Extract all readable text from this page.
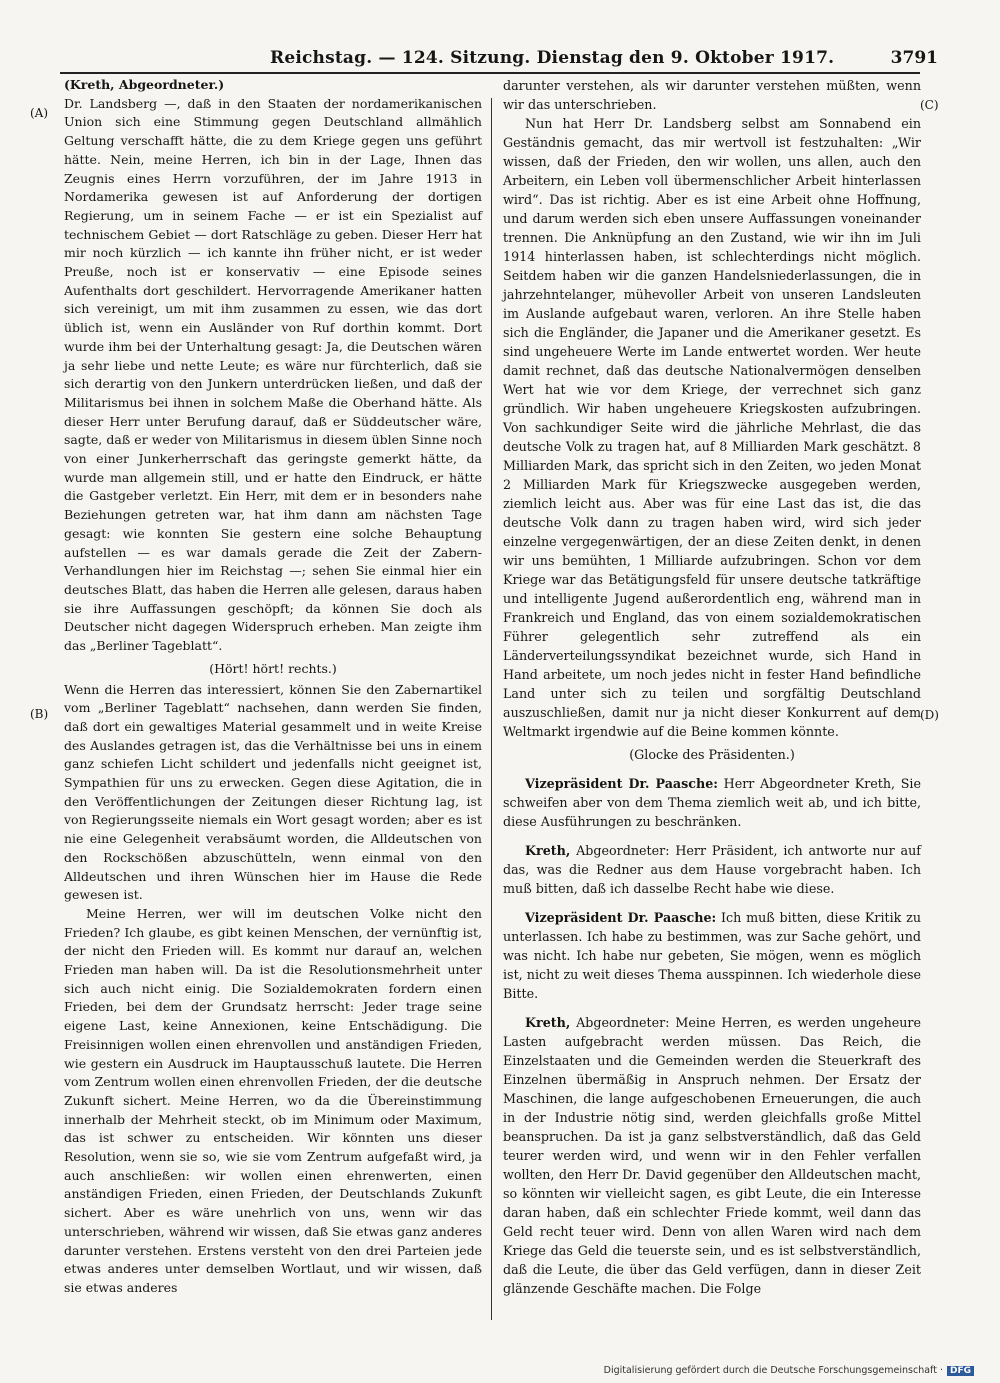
Reichstag. — 124. Sitzung. Dienstag den 9. Oktober 1917.	3791
(A)
(B)
(C)
(D)

(Kreth, Abgeordneter.)

Dr. Landsberg —, daß in den Staaten der nordamerikanischen Union sich eine Stimmung gegen Deutschland allmählich Geltung verschafft hätte, die zu dem Kriege gegen uns geführt hätte. Nein, meine Herren, ich bin in der Lage, Ihnen das Zeugnis eines Herrn vorzuführen, der im Jahre 1913 in Nordamerika gewesen ist auf Anforderung der dortigen Regierung, um in seinem Fache — er ist ein Spezialist auf technischem Gebiet — dort Ratschläge zu geben. Dieser Herr hat mir noch kürzlich — ich kannte ihn früher nicht, er ist weder Preuße, noch ist er konservativ — eine Episode seines Aufenthalts dort geschildert. Hervorragende Amerikaner hatten sich vereinigt, um mit ihm zusammen zu essen, wie das dort üblich ist, wenn ein Ausländer von Ruf dorthin kommt. Dort wurde ihm bei der Unterhaltung gesagt: Ja, die Deutschen wären ja sehr liebe und nette Leute; es wäre nur fürchterlich, daß sie sich derartig von den Junkern unterdrücken ließen, und daß der Militarismus bei ihnen in solchem Maße die Oberhand hätte. Als dieser Herr unter Berufung darauf, daß er Süddeutscher wäre, sagte, daß er weder von Militarismus in diesem üblen Sinne noch von einer Junkerherrschaft das geringste gemerkt hätte, da wurde man allgemein still, und er hatte den Eindruck, er hätte die Gastgeber verletzt. Ein Herr, mit dem er in besonders nahe Beziehungen getreten war, hat ihm dann am nächsten Tage gesagt: wie konnten Sie gestern eine solche Behauptung aufstellen — es war damals gerade die Zeit der Zabern-Verhandlungen hier im Reichstag —; sehen Sie einmal hier ein deutsches Blatt, das haben die Herren alle gelesen, daraus haben sie ihre Auffassungen geschöpft; da können Sie doch als Deutscher nicht dagegen Widerspruch erheben. Man zeigte ihm das „Berliner Tageblatt“.

(Hört! hört! rechts.)

Wenn die Herren das interessiert, können Sie den Zabernartikel vom „Berliner Tageblatt“ nachsehen, dann werden Sie finden, daß dort ein gewaltiges Material gesammelt und in weite Kreise des Auslandes getragen ist, das die Verhältnisse bei uns in einem ganz schiefen Licht schildert und jedenfalls nicht geeignet ist, Sympathien für uns zu erwecken. Gegen diese Agitation, die in den Veröffentlichungen der Zeitungen dieser Richtung lag, ist von Regierungsseite niemals ein Wort gesagt worden; aber es ist nie eine Gelegenheit verabsäumt worden, die Alldeutschen von den Rockschößen abzuschütteln, wenn einmal von den Alldeutschen und ihren Wünschen hier im Hause die Rede gewesen ist.

Meine Herren, wer will im deutschen Volke nicht den Frieden? Ich glaube, es gibt keinen Menschen, der vernünftig ist, der nicht den Frieden will. Es kommt nur darauf an, welchen Frieden man haben will. Da ist die Resolutionsmehrheit unter sich auch nicht einig. Die Sozialdemokraten fordern einen Frieden, bei dem der Grundsatz herrscht: Jeder trage seine eigene Last, keine Annexionen, keine Entschädigung. Die Freisinnigen wollen einen ehrenvollen und anständigen Frieden, wie gestern ein Ausdruck im Hauptausschuß lautete. Die Herren vom Zentrum wollen einen ehrenvollen Frieden, der die deutsche Zukunft sichert. Meine Herren, wo da die Übereinstimmung innerhalb der Mehrheit steckt, ob im Minimum oder Maximum, das ist schwer zu entscheiden. Wir könnten uns dieser Resolution, wenn sie so, wie sie vom Zentrum aufgefaßt wird, ja auch anschließen: wir wollen einen ehrenwerten, einen anständigen Frieden, einen Frieden, der Deutschlands Zukunft sichert. Aber es wäre unehrlich von uns, wenn wir das unterschrieben, während wir wissen, daß Sie etwas ganz anderes darunter verstehen. Erstens versteht von den drei Parteien jede etwas anderes unter demselben Wortlaut, und wir wissen, daß sie etwas anderes

darunter verstehen, als wir darunter verstehen müßten, wenn wir das unterschrieben.

Nun hat Herr Dr. Landsberg selbst am Sonnabend ein Geständnis gemacht, das mir wertvoll ist festzuhalten: „Wir wissen, daß der Frieden, den wir wollen, uns allen, auch den Arbeitern, ein Leben voll übermenschlicher Arbeit hinterlassen wird“. Das ist richtig. Aber es ist eine Arbeit ohne Hoffnung, und darum werden sich eben unsere Auffassungen voneinander trennen. Die Anknüpfung an den Zustand, wie wir ihn im Juli 1914 hinterlassen haben, ist schlechterdings nicht möglich. Seitdem haben wir die ganzen Handelsniederlassungen, die in jahrzehntelanger, mühevoller Arbeit von unseren Landsleuten im Auslande aufgebaut waren, verloren. An ihre Stelle haben sich die Engländer, die Japaner und die Amerikaner gesetzt. Es sind ungeheuere Werte im Lande entwertet worden. Wer heute damit rechnet, daß das deutsche Nationalvermögen denselben Wert hat wie vor dem Kriege, der verrechnet sich ganz gründlich. Wir haben ungeheuere Kriegskosten aufzubringen. Von sachkundiger Seite wird die jährliche Mehrlast, die das deutsche Volk zu tragen hat, auf 8 Milliarden Mark geschätzt. 8 Milliarden Mark, das spricht sich in den Zeiten, wo jeden Monat 2 Milliarden Mark für Kriegszwecke ausgegeben werden, ziemlich leicht aus. Aber was für eine Last das ist, die das deutsche Volk dann zu tragen haben wird, wird sich jeder einzelne vergegenwärtigen, der an diese Zeiten denkt, in denen wir uns bemühten, 1 Milliarde aufzubringen. Schon vor dem Kriege war das Betätigungsfeld für unsere deutsche tatkräftige und intelligente Jugend außerordentlich eng, während man in Frankreich und England, das von einem sozialdemokratischen Führer gelegentlich sehr zutreffend als ein Länderverteilungssyndikat bezeichnet wurde, sich Hand in Hand arbeitete, um noch jedes nicht in fester Hand befindliche Land unter sich zu teilen und sorgfältig Deutschland auszuschließen, damit nur ja nicht dieser Konkurrent auf dem Weltmarkt irgendwie auf die Beine kommen könnte.

(Glocke des Präsidenten.)

Vizepräsident Dr. Paasche: Herr Abgeordneter Kreth, Sie schweifen aber von dem Thema ziemlich weit ab, und ich bitte, diese Ausführungen zu beschränken.

Kreth, Abgeordneter: Herr Präsident, ich antworte nur auf das, was die Redner aus dem Hause vorgebracht haben. Ich muß bitten, daß ich dasselbe Recht habe wie diese.

Vizepräsident Dr. Paasche: Ich muß bitten, diese Kritik zu unterlassen. Ich habe zu bestimmen, was zur Sache gehört, und was nicht. Ich habe nur gebeten, Sie mögen, wenn es möglich ist, nicht zu weit dieses Thema ausspinnen. Ich wiederhole diese Bitte.

Kreth, Abgeordneter: Meine Herren, es werden ungeheure Lasten aufgebracht werden müssen. Das Reich, die Einzelstaaten und die Gemeinden werden die Steuerkraft des Einzelnen übermäßig in Anspruch nehmen. Der Ersatz der Maschinen, die lange aufgeschobenen Erneuerungen, die auch in der Industrie nötig sind, werden gleichfalls große Mittel beanspruchen. Da ist ja ganz selbstverständlich, daß das Geld teurer werden wird, und wenn wir in den Fehler verfallen wollten, den Herr Dr. David gegenüber den Alldeutschen macht, so könnten wir vielleicht sagen, es gibt Leute, die ein Interesse daran haben, daß ein schlechter Friede kommt, weil dann das Geld recht teuer wird. Denn von allen Waren wird nach dem Kriege das Geld die teuerste sein, und es ist selbstverständlich, daß die Leute, die über das Geld verfügen, dann in dieser Zeit glänzende Geschäfte machen. Die Folge

Digitalisierung gefördert durch die Deutsche Forschungsgemeinschaft · DFG
